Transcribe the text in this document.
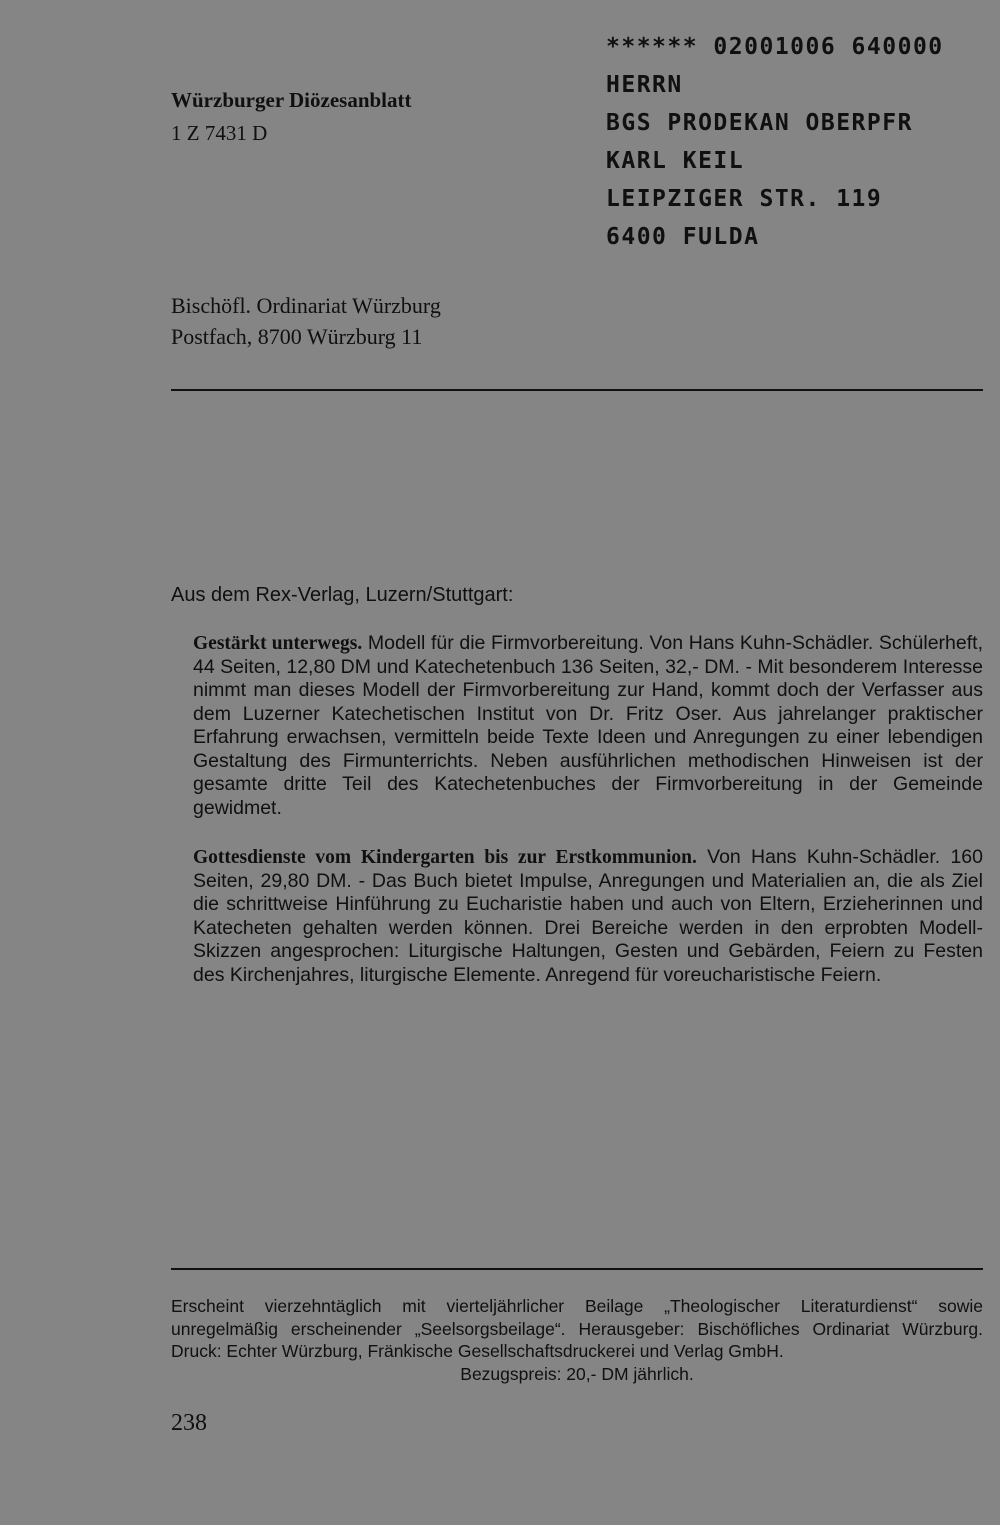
Würzburger Diözesanblatt
1 Z 7431 D
****** 02001006 640000
HERRN
BGS PRODEKAN OBERPFR
KARL KEIL
LEIPZIGER STR. 119
6400 FULDA
Bischöfl. Ordinariat Würzburg
Postfach, 8700 Würzburg 11
Aus dem Rex-Verlag, Luzern/Stuttgart:
Gestärkt unterwegs. Modell für die Firmvorbereitung. Von Hans Kuhn-Schädler. Schülerheft, 44 Seiten, 12,80 DM und Katechetenbuch 136 Seiten, 32,- DM. - Mit besonderem Interesse nimmt man dieses Modell der Firmvorbereitung zur Hand, kommt doch der Verfasser aus dem Luzerner Katechetischen Institut von Dr. Fritz Oser. Aus jahrelanger praktischer Erfahrung erwachsen, vermitteln beide Texte Ideen und Anregungen zu einer lebendigen Gestaltung des Firmunterrichts. Neben ausführlichen methodischen Hinweisen ist der gesamte dritte Teil des Katechetenbuches der Firmvorbereitung in der Gemeinde gewidmet.
Gottesdienste vom Kindergarten bis zur Erstkommunion. Von Hans Kuhn-Schädler. 160 Seiten, 29,80 DM. - Das Buch bietet Impulse, Anregungen und Materialien an, die als Ziel die schrittweise Hinführung zu Eucharistie haben und auch von Eltern, Erzieherinnen und Katecheten gehalten werden können. Drei Bereiche werden in den erprobten Modell-Skizzen angesprochen: Liturgische Haltungen, Gesten und Gebärden, Feiern zu Festen des Kirchenjahres, liturgische Elemente. Anregend für voreucharistische Feiern.
Erscheint vierzehntäglich mit vierteljährlicher Beilage „Theologischer Literaturdienst“ sowie unregelmäßig erscheinender „Seelsorgsbeilage“. Herausgeber: Bischöfliches Ordinariat Würzburg. Druck: Echter Würzburg, Fränkische Gesellschaftsdruckerei und Verlag GmbH.
Bezugspreis: 20,- DM jährlich.
238
